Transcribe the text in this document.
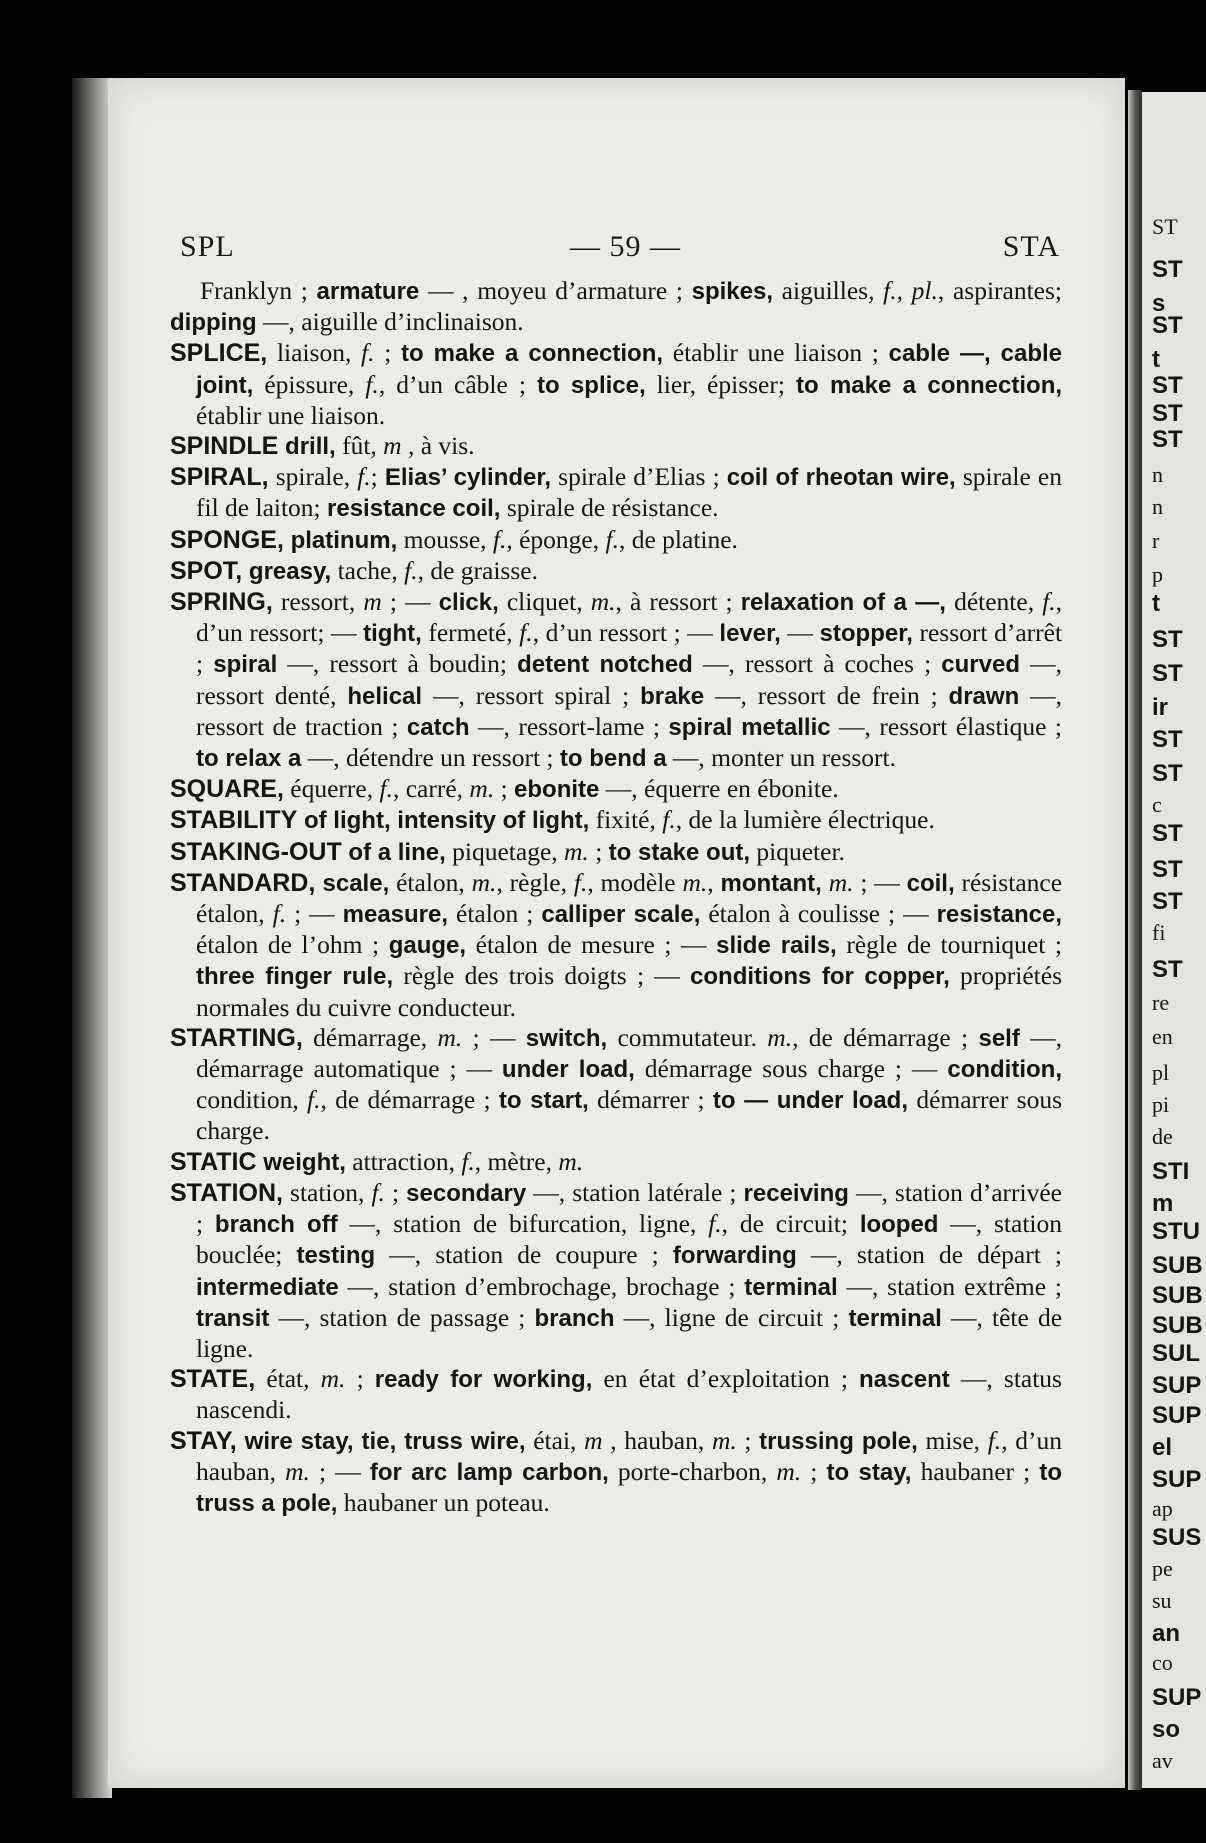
ST
ST
s
ST
t
ST
ST
ST
n
n
r
p
t
ST
ST
ir
ST
ST
c
ST
ST
ST
fi
ST
re
en
pl
pi
de
STI
m
STU
SUB
SUB
SUB
SUL
SUP
SUP
el
SUP
ap
SUS
pe
su
an
co
SUP
so
av
SPL	— 59 —	STA

Franklyn ; armature — , moyeu d’armature ; spikes, aiguilles, f., pl., aspirantes; dipping —, aiguille d’inclinaison.

SPLICE, liaison, f. ; to make a connection, établir une liaison ; cable —, cable joint, épissure, f., d’un câble ; to splice, lier, épisser; to make a connection, établir une liaison.

SPINDLE drill, fût, m , à vis.

SPIRAL, spirale, f.; Elias’ cylinder, spirale d’Elias ; coil of rheotan wire, spirale en fil de laiton; resistance coil, spirale de résistance.

SPONGE, platinum, mousse, f., éponge, f., de platine.

SPOT, greasy, tache, f., de graisse.

SPRING, ressort, m ; — click, cliquet, m., à ressort ; relaxation of a —, détente, f., d’un ressort; — tight, fermeté, f., d’un ressort ; — lever, — stopper, ressort d’arrêt ; spiral —, ressort à boudin; detent notched —, ressort à coches ; curved —, ressort denté, helical —, ressort spiral ; brake —, ressort de frein ; drawn —, ressort de traction ; catch —, ressort-lame ; spiral metallic —, ressort élastique ; to relax a —, détendre un ressort ; to bend a —, monter un ressort.

SQUARE, équerre, f., carré, m. ; ebonite —, équerre en ébonite.

STABILITY of light, intensity of light, fixité, f., de la lumière électrique.

STAKING-OUT of a line, piquetage, m. ; to stake out, piqueter.

STANDARD, scale, étalon, m., règle, f., modèle m., montant, m. ; — coil, résistance étalon, f. ; — measure, étalon ; calliper scale, étalon à coulisse ; — resistance, étalon de l’ohm ; gauge, étalon de mesure ; — slide rails, règle de tourniquet ; three finger rule, règle des trois doigts ; — conditions for copper, propriétés normales du cuivre conducteur.

STARTING, démarrage, m. ; — switch, commutateur. m., de démarrage ; self —, démarrage automatique ; — under load, démarrage sous charge ; — condition, condition, f., de démarrage ; to start, démarrer ; to — under load, démarrer sous charge.

STATIC weight, attraction, f., mètre, m.

STATION, station, f. ; secondary —, station latérale ; receiving —, station d’arrivée ; branch off —, station de bifurcation, ligne, f., de circuit; looped —, station bouclée; testing —, station de coupure ; forwarding —, station de départ ; intermediate —, station d’embrochage, brochage ; terminal —, station extrême ; transit —, station de passage ; branch —, ligne de circuit ; terminal —, tête de ligne.

STATE, état, m. ; ready for working, en état d’exploitation ; nascent —, status nascendi.

STAY, wire stay, tie, truss wire, étai, m , hauban, m. ; trussing pole, mise, f., d’un hauban, m. ; — for arc lamp carbon, porte-charbon, m. ; to stay, haubaner ; to truss a pole, haubaner un poteau.
